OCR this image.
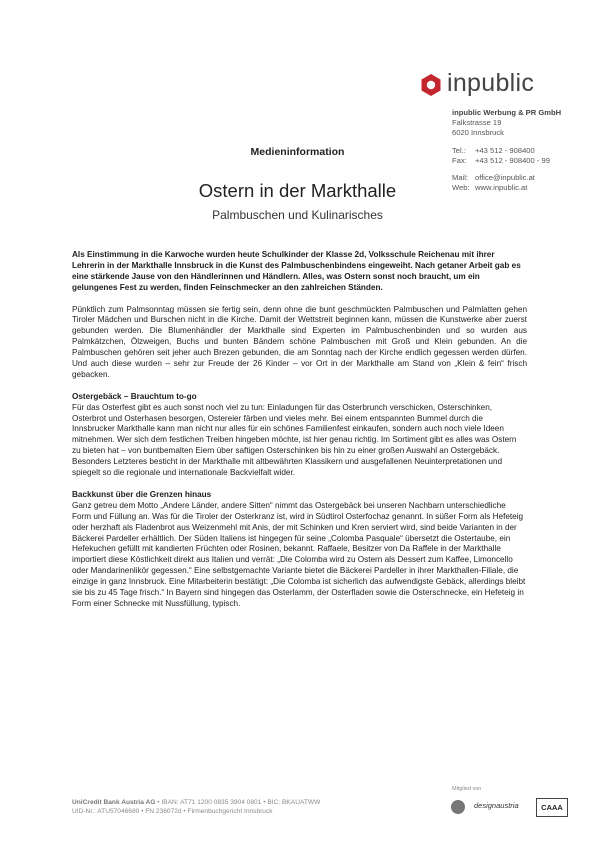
inpublic
inpublic Werbung & PR GmbH
Falkstrasse 19
6020 Innsbruck
Tel.:	+43 512 - 908400
Fax:	+43 512 - 908400 - 99
Mail: office@inpublic.at
Web: www.inpublic.at
Medieninformation
Ostern in der Markthalle
Palmbuschen und Kulinarisches

Als Einstimmung in die Karwoche wurden heute Schulkinder der Klasse 2d, Volksschule Reichenau mit ihrer Lehrerin in der Markthalle Innsbruck in die Kunst des Palmbuschenbindens eingeweiht. Nach getaner Arbeit gab es eine stärkende Jause von den Händlerinnen und Händlern. Alles, was Ostern sonst noch braucht, um ein gelungenes Fest zu werden, finden Feinschmecker an den zahlreichen Ständen.

Pünktlich zum Palmsonntag müssen sie fertig sein, denn ohne die bunt geschmückten Palmbuschen und Palmlatten gehen Tiroler Mädchen und Burschen nicht in die Kirche. Damit der Wettstreit beginnen kann, müssen die Kunstwerke aber zuerst gebunden werden. Die Blumenhändler der Markthalle sind Experten im Palmbuschenbinden und so wurden aus Palmkätzchen, Ölzweigen, Buchs und bunten Bändern schöne Palmbuschen mit Groß und Klein gebunden. An die Palmbuschen gehören seit jeher auch Brezen gebunden, die am Sonntag nach der Kirche endlich gegessen werden dürfen. Und auch diese wurden – sehr zur Freude der 26 Kinder – vor Ort in der Markthalle am Stand von „Klein & fein“ frisch gebacken.

Ostergebäck – Brauchtum to-go

Für das Osterfest gibt es auch sonst noch viel zu tun: Einladungen für das Osterbrunch verschicken, Osterschinken, Osterbrot und Osterhasen besorgen, Ostereier färben und vieles mehr. Bei einem entspannten Bummel durch die Innsbrucker Markthalle kann man nicht nur alles für ein schönes Familienfest einkaufen, sondern auch noch viele Ideen mitnehmen. Wer sich dem festlichen Treiben hingeben möchte, ist hier genau richtig. Im Sortiment gibt es alles was Ostern zu bieten hat – von buntbemalten Eiern über saftigen Osterschinken bis hin zu einer großen Auswahl an Ostergebäck. Besonders Letzteres besticht in der Markthalle mit altbewährten Klassikern und ausgefallenen Neuinterpretationen und spiegelt so die regionale und internationale Backvielfalt wider.

Backkunst über die Grenzen hinaus

Ganz getreu dem Motto „Andere Länder, andere Sitten“ nimmt das Ostergebäck bei unseren Nachbarn unterschiedliche Form und Füllung an. Was für die Tiroler der Osterkranz ist, wird in Südtirol Osterfochaz genannt. In süßer Form als Hefeteig oder herzhaft als Fladenbrot aus Weizenmehl mit Anis, der mit Schinken und Kren serviert wird, sind beide Varianten in der Bäckerei Pardeller erhältlich. Der Süden Italiens ist hingegen für seine „Colomba Pasquale“ übersetzt die Ostertaube, ein Hefekuchen gefüllt mit kandierten Früchten oder Rosinen, bekannt. Raffaele, Besitzer von Da Raffele in der Markthalle importiert diese Köstlichkeit direkt aus Italien und verrät: „Die Colomba wird zu Ostern als Dessert zum Kaffee, Limoncello oder Mandarinenlikör gegessen.“ Eine selbstgemachte Variante bietet die Bäckerei Pardeller in ihrer Markthallen-Filiale, die einzige in ganz Innsbruck. Eine Mitarbeiterin bestätigt: „Die Colomba ist sicherlich das aufwendigste Gebäck, allerdings bleibt sie bis zu 45 Tage frisch.“ In Bayern sind hingegen das Osterlamm, der Osterfladen sowie die Osterschnecke, ein Hefeteig in Form einer Schnecke mit Nussfüllung, typisch.

UniCredit Bank Austria AG • IBAN: AT71 1200 0835 3904 0801 • BIC: BKAUATWW
UID-Nr.: ATU57046680 • FN 236072d • Firmenbuchgericht Innsbruck
Mitglied von
designaustria	CAAA
